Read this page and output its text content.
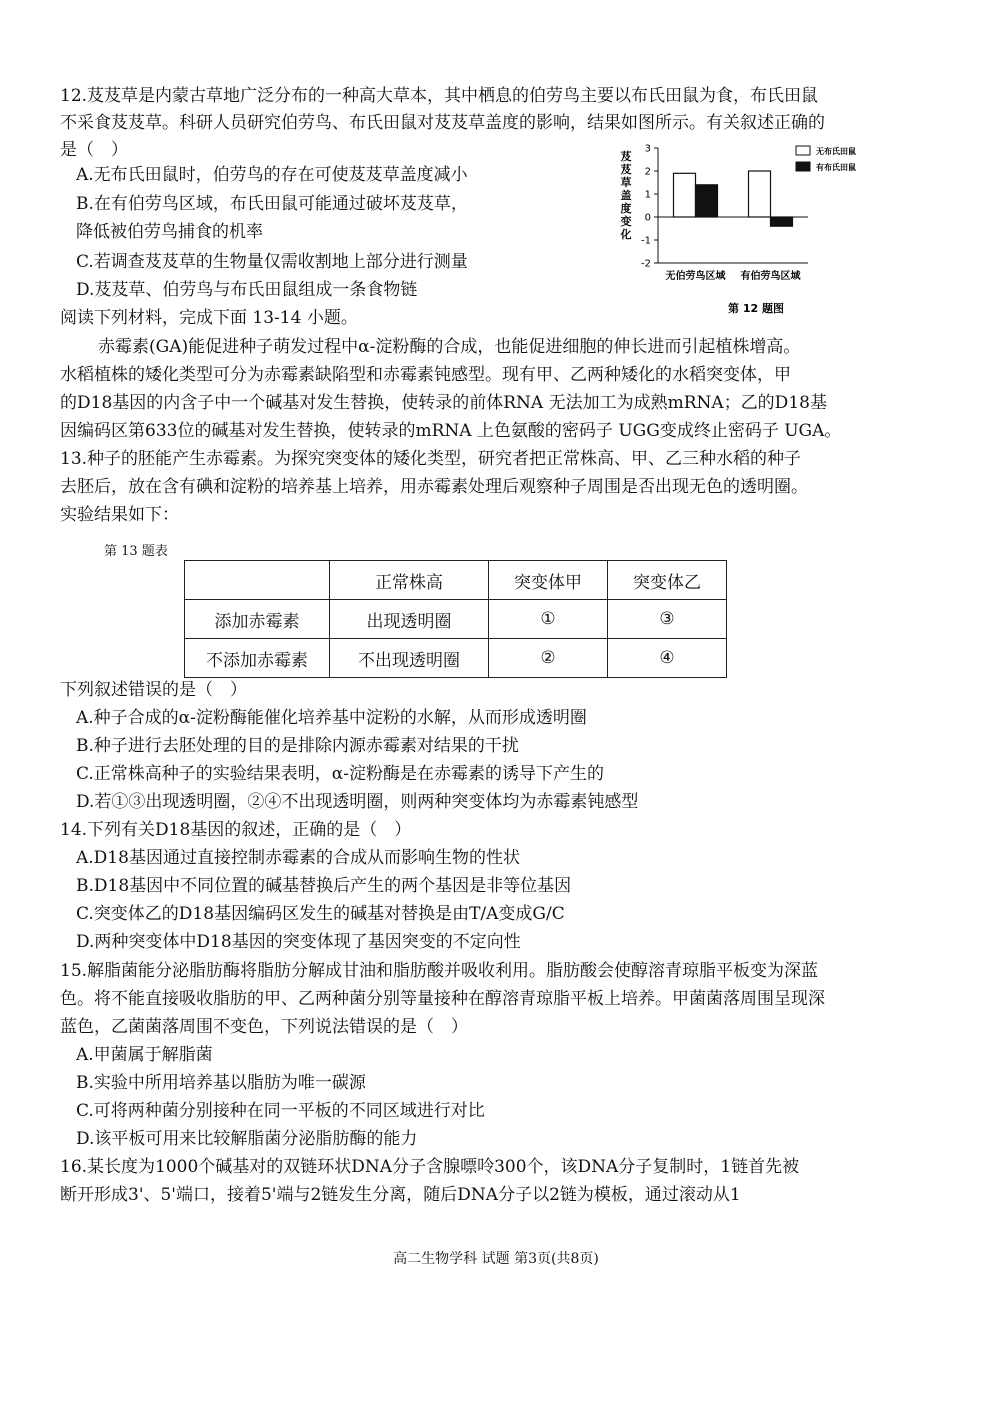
12.芨芨草是内蒙古草地广泛分布的一种高大草本，其中栖息的伯劳鸟主要以布氏田鼠为食，布氏田鼠
不采食芨芨草。科研人员研究伯劳鸟、布氏田鼠对芨芨草盖度的影响，结果如图所示。有关叙述正确的
是（　）
A.无布氏田鼠时，伯劳鸟的存在可使芨芨草盖度减小
B.在有伯劳鸟区域，布氏田鼠可能通过破坏芨芨草，
降低被伯劳鸟捕食的机率
C.若调查芨芨草的生物量仅需收割地上部分进行测量
D.芨芨草、伯劳鸟与布氏田鼠组成一条食物链
芨
芨
草
盖
度
变
化
-2
-1
0
1
2
3
无伯劳鸟区域 有伯劳鸟区域
无布氏田鼠
有布氏田鼠
第 12 题图
阅读下列材料，完成下面 13-14 小题。
赤霉素(GA)能促进种子萌发过程中α-淀粉酶的合成，也能促进细胞的伸长进而引起植株增高。
水稻植株的矮化类型可分为赤霉素缺陷型和赤霉素钝感型。现有甲、乙两种矮化的水稻突变体，甲
的D18基因的内含子中一个碱基对发生替换，使转录的前体RNA 无法加工为成熟mRNA；乙的D18基
因编码区第633位的碱基对发生替换，使转录的mRNA 上色氨酸的密码子 UGG变成终止密码子 UGA。
13.种子的胚能产生赤霉素。为探究突变体的矮化类型，研究者把正常株高、甲、乙三种水稻的种子
去胚后，放在含有碘和淀粉的培养基上培养，用赤霉素处理后观察种子周围是否出现无色的透明圈。
实验结果如下：
第 13 题表
	正常株高	突变体甲	突变体乙
添加赤霉素	出现透明圈	①	③
不添加赤霉素	不出现透明圈	②	④
下列叙述错误的是（　）
A.种子合成的α-淀粉酶能催化培养基中淀粉的水解，从而形成透明圈
B.种子进行去胚处理的目的是排除内源赤霉素对结果的干扰
C.正常株高种子的实验结果表明，α-淀粉酶是在赤霉素的诱导下产生的
D.若①③出现透明圈，②④不出现透明圈，则两种突变体均为赤霉素钝感型
14.下列有关D18基因的叙述，正确的是（　）
A.D18基因通过直接控制赤霉素的合成从而影响生物的性状
B.D18基因中不同位置的碱基替换后产生的两个基因是非等位基因
C.突变体乙的D18基因编码区发生的碱基对替换是由T/A变成G/C
D.两种突变体中D18基因的突变体现了基因突变的不定向性
15.解脂菌能分泌脂肪酶将脂肪分解成甘油和脂肪酸并吸收利用。脂肪酸会使醇溶青琼脂平板变为深蓝
色。将不能直接吸收脂肪的甲、乙两种菌分别等量接种在醇溶青琼脂平板上培养。甲菌菌落周围呈现深
蓝色，乙菌菌落周围不变色，下列说法错误的是（　）
A.甲菌属于解脂菌
B.实验中所用培养基以脂肪为唯一碳源
C.可将两种菌分别接种在同一平板的不同区域进行对比
D.该平板可用来比较解脂菌分泌脂肪酶的能力
16.某长度为1000个碱基对的双链环状DNA分子含腺嘌呤300个，该DNA分子复制时，1链首先被
断开形成3'、5'端口，接着5'端与2链发生分离，随后DNA分子以2链为模板，通过滚动从1
高二生物学科 试题 第3页(共8页)
